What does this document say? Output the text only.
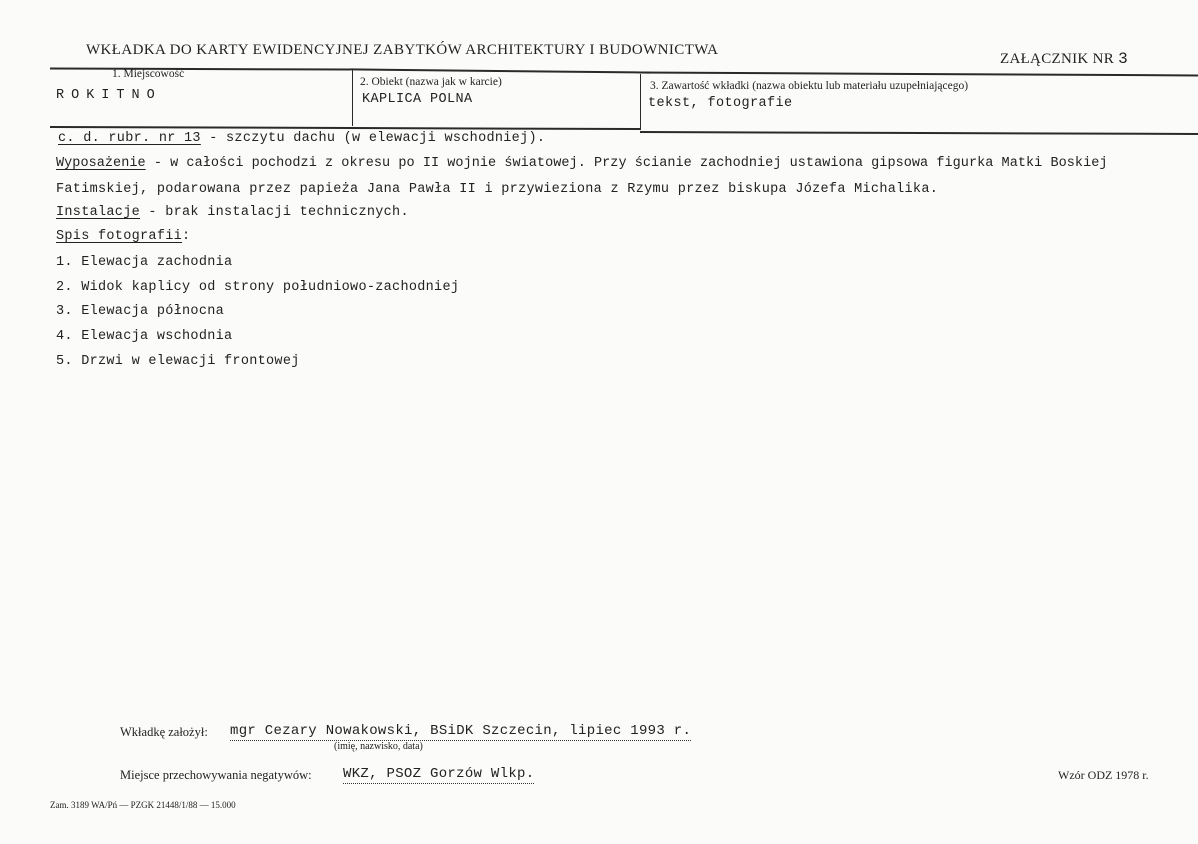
WKŁADKA DO KARTY EWIDENCYJNEJ ZABYTKÓW ARCHITEKTURY I BUDOWNICTWA
ZAŁĄCZNIK NR 3
1. Miejscowość
ROKITNO
2. Obiekt (nazwa jak w karcie)
KAPLICA POLNA
3. Zawartość wkładki (nazwa obiektu lub materiału uzupełniającego)
tekst, fotografie
c. d. rubr. nr 13 - szczytu dachu (w elewacji wschodniej).
Wyposażenie - w całości pochodzi z okresu po II wojnie światowej. Przy ścianie zachodniej ustawiona gipsowa figurka Matki Boskiej
Fatimskiej, podarowana przez papieża Jana Pawła II i przywieziona z Rzymu przez biskupa Józefa Michalika.
Instalacje - brak instalacji technicznych.
Spis fotografii:
1. Elewacja zachodnia
2. Widok kaplicy od strony południowo-zachodniej
3. Elewacja północna
4. Elewacja wschodnia
5. Drzwi w elewacji frontowej
Wkładkę założył: mgr Cezary Nowakowski, BSiDK Szczecin, lipiec 1993 r.
(imię, nazwisko, data)
Miejsce przechowywania negatywów: WKZ, PSOZ Gorzów Wlkp.	Wzór ODZ 1978 r.
Zam. 3189 WA/Pń — PZGK 21448/1/88 — 15.000
